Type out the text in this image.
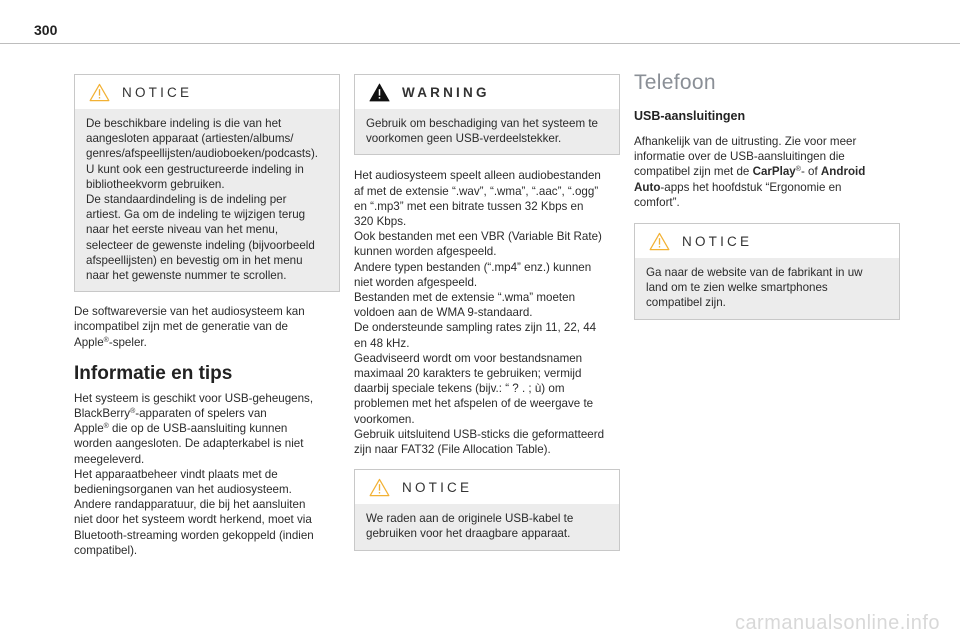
300
NOTICE
De beschikbare indeling is die van het
aangesloten apparaat (artiesten/albums/
genres/afspeellijsten/audioboeken/podcasts).
U kunt ook een gestructureerde indeling in
bibliotheekvorm gebruiken.
De standaardindeling is de indeling per
artiest. Ga om de indeling te wijzigen terug
naar het eerste niveau van het menu,
selecteer de gewenste indeling (bijvoorbeeld
afspeellijsten) en bevestig om in het menu
naar het gewenste nummer te scrollen.
De softwareversie van het audiosysteem kan
incompatibel zijn met de generatie van de
Apple®-speler.
Informatie en tips
Het systeem is geschikt voor USB-geheugens,
BlackBerry®-apparaten of spelers van
Apple® die op de USB-aansluiting kunnen
worden aangesloten. De adapterkabel is niet
meegeleverd.
Het apparaatbeheer vindt plaats met de
bedieningsorganen van het audiosysteem.
Andere randapparatuur, die bij het aansluiten
niet door het systeem wordt herkend, moet via
Bluetooth-streaming worden gekoppeld (indien
compatibel).
WARNING
Gebruik om beschadiging van het systeem te
voorkomen geen USB-verdeelstekker.
Het audiosysteem speelt alleen audiobestanden
af met de extensie “.wav”, “.wma”, “.aac”, “.ogg”
en “.mp3” met een bitrate tussen 32 Kbps en
320 Kbps.
Ook bestanden met een VBR (Variable Bit Rate)
kunnen worden afgespeeld.
Andere typen bestanden (“.mp4” enz.) kunnen
niet worden afgespeeld.
Bestanden met de extensie “.wma” moeten
voldoen aan de WMA 9-standaard.
De ondersteunde sampling rates zijn 11, 22, 44
en 48 kHz.
Geadviseerd wordt om voor bestandsnamen
maximaal 20 karakters te gebruiken; vermijd
daarbij speciale tekens (bijv.: “ ? . ; ù) om
problemen met het afspelen of de weergave te
voorkomen.
Gebruik uitsluitend USB-sticks die geformatteerd
zijn naar FAT32 (File Allocation Table).
NOTICE
We raden aan de originele USB-kabel te
gebruiken voor het draagbare apparaat.
Telefoon
USB-aansluitingen
Afhankelijk van de uitrusting. Zie voor meer
informatie over de USB-aansluitingen die
compatibel zijn met de CarPlay®- of Android
Auto-apps het hoofdstuk “Ergonomie en
comfort”.
NOTICE
Ga naar de website van de fabrikant in uw
land om te zien welke smartphones
compatibel zijn.
carmanualsonline.info
